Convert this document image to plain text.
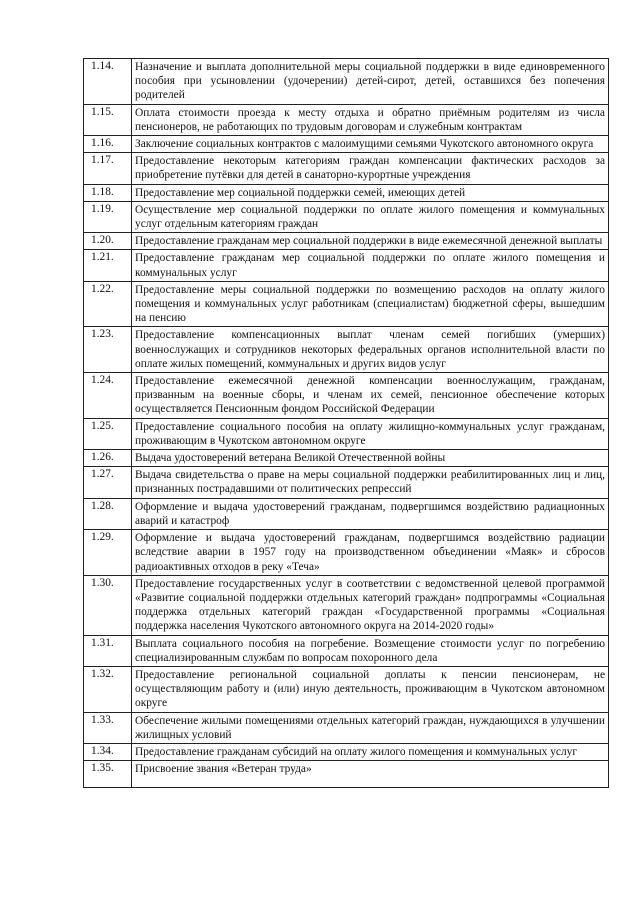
1.14.	Назначение и выплата дополнительной меры социальной поддержки в виде единовременного пособия при усыновлении (удочерении) детей-сирот, детей, оставшихся без попечения родителей
1.15.	Оплата стоимости проезда к месту отдыха и обратно приёмным родителям из числа пенсионеров, не работающих по трудовым договорам и служебным контрактам
1.16.	Заключение социальных контрактов с малоимущими семьями Чукотского автономного округа
1.17.	Предоставление некоторым категориям граждан компенсации фактических расходов за приобретение путёвки для детей в санаторно-курортные учреждения
1.18.	Предоставление мер социальной поддержки семей, имеющих детей
1.19.	Осуществление мер социальной поддержки по оплате жилого помещения и коммунальных услуг отдельным категориям граждан
1.20.	Предоставление гражданам мер социальной поддержки в виде ежемесячной денежной выплаты
1.21.	Предоставление гражданам мер социальной поддержки по оплате жилого помещения и коммунальных услуг
1.22.	Предоставление меры социальной поддержки по возмещению расходов на оплату жилого помещения и коммунальных услуг работникам (специалистам) бюджетной сферы, вышедшим на пенсию
1.23.	Предоставление компенсационных выплат членам семей погибших (умерших) военнослужащих и сотрудников некоторых федеральных органов исполнительной власти по оплате жилых помещений, коммунальных и других видов услуг
1.24.	Предоставление ежемесячной денежной компенсации военнослужащим, гражданам, призванным на военные сборы, и членам их семей, пенсионное обеспечение которых осуществляется Пенсионным фондом Российской Федерации
1.25.	Предоставление социального пособия на оплату жилищно-коммунальных услуг гражданам, проживающим в Чукотском автономном округе
1.26.	Выдача удостоверений ветерана Великой Отечественной войны
1.27.	Выдача свидетельства о праве на меры социальной поддержки реабилитированных лиц и лиц, признанных пострадавшими от политических репрессий
1.28.	Оформление и выдача удостоверений гражданам, подвергшимся воздействию радиационных аварий и катастроф
1.29.	Оформление и выдача удостоверений гражданам, подвергшимся воздействию радиации вследствие аварии в 1957 году на производственном объединении «Маяк» и сбросов радиоактивных отходов в реку «Теча»
1.30.	Предоставление государственных услуг в соответствии с ведомственной целевой программой «Развитие социальной поддержки отдельных категорий граждан» подпрограммы «Социальная поддержка отдельных категорий граждан «Государственной программы «Социальная поддержка населения Чукотского автономного округа на 2014-2020 годы»
1.31.	Выплата социального пособия на погребение. Возмещение стоимости услуг по погребению специализированным службам по вопросам похоронного дела
1.32.	Предоставление региональной социальной доплаты к пенсии пенсионерам, не осуществляющим работу и (или) иную деятельность, проживающим в Чукотском автономном округе
1.33.	Обеспечение жилыми помещениями отдельных категорий граждан, нуждающихся в улучшении жилищных условий
1.34.	Предоставление гражданам субсидий на оплату жилого помещения и коммунальных услуг
1.35.	Присвоение звания «Ветеран труда»
